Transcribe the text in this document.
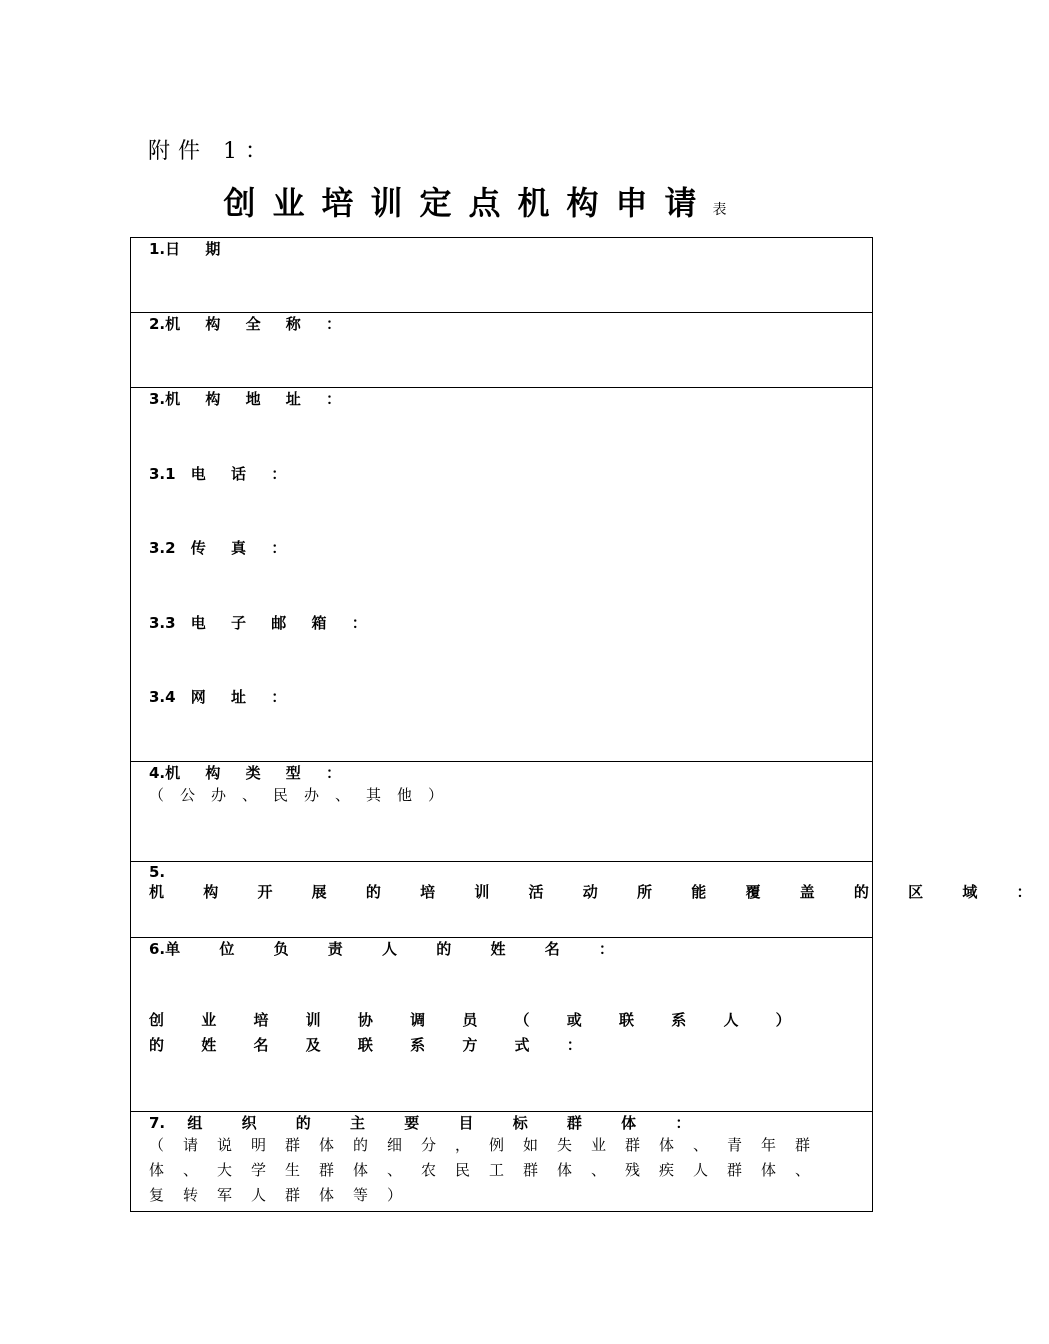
附件 1：
创业培训定点机构申请 表
1.日 期
2.机 构 全 称 ：

3.机 构 地 址 ：
3.1 电 话 ：
3.2 传 真 ：
3.3 电 子 邮 箱 ：
3.4 网 址 ：

4.机 构 类 型 ：
（公办、民办、其他）

5.机 构 开 展 的 培 训 活 动 所 能 覆 盖 的 区 域 ：

6.单 位 负 责 人 的 姓 名 ：
创 业 培 训 协 调 员 （ 或 联 系 人 ） 的 姓 名 及 联 系 方 式 ：

7. 组 织 的 主 要 目 标 群 体 ：
（请说明群体的细分，例如失业群体、青年群体、大学生群体、农民工群体、残疾人群体、复转军人群体等）
